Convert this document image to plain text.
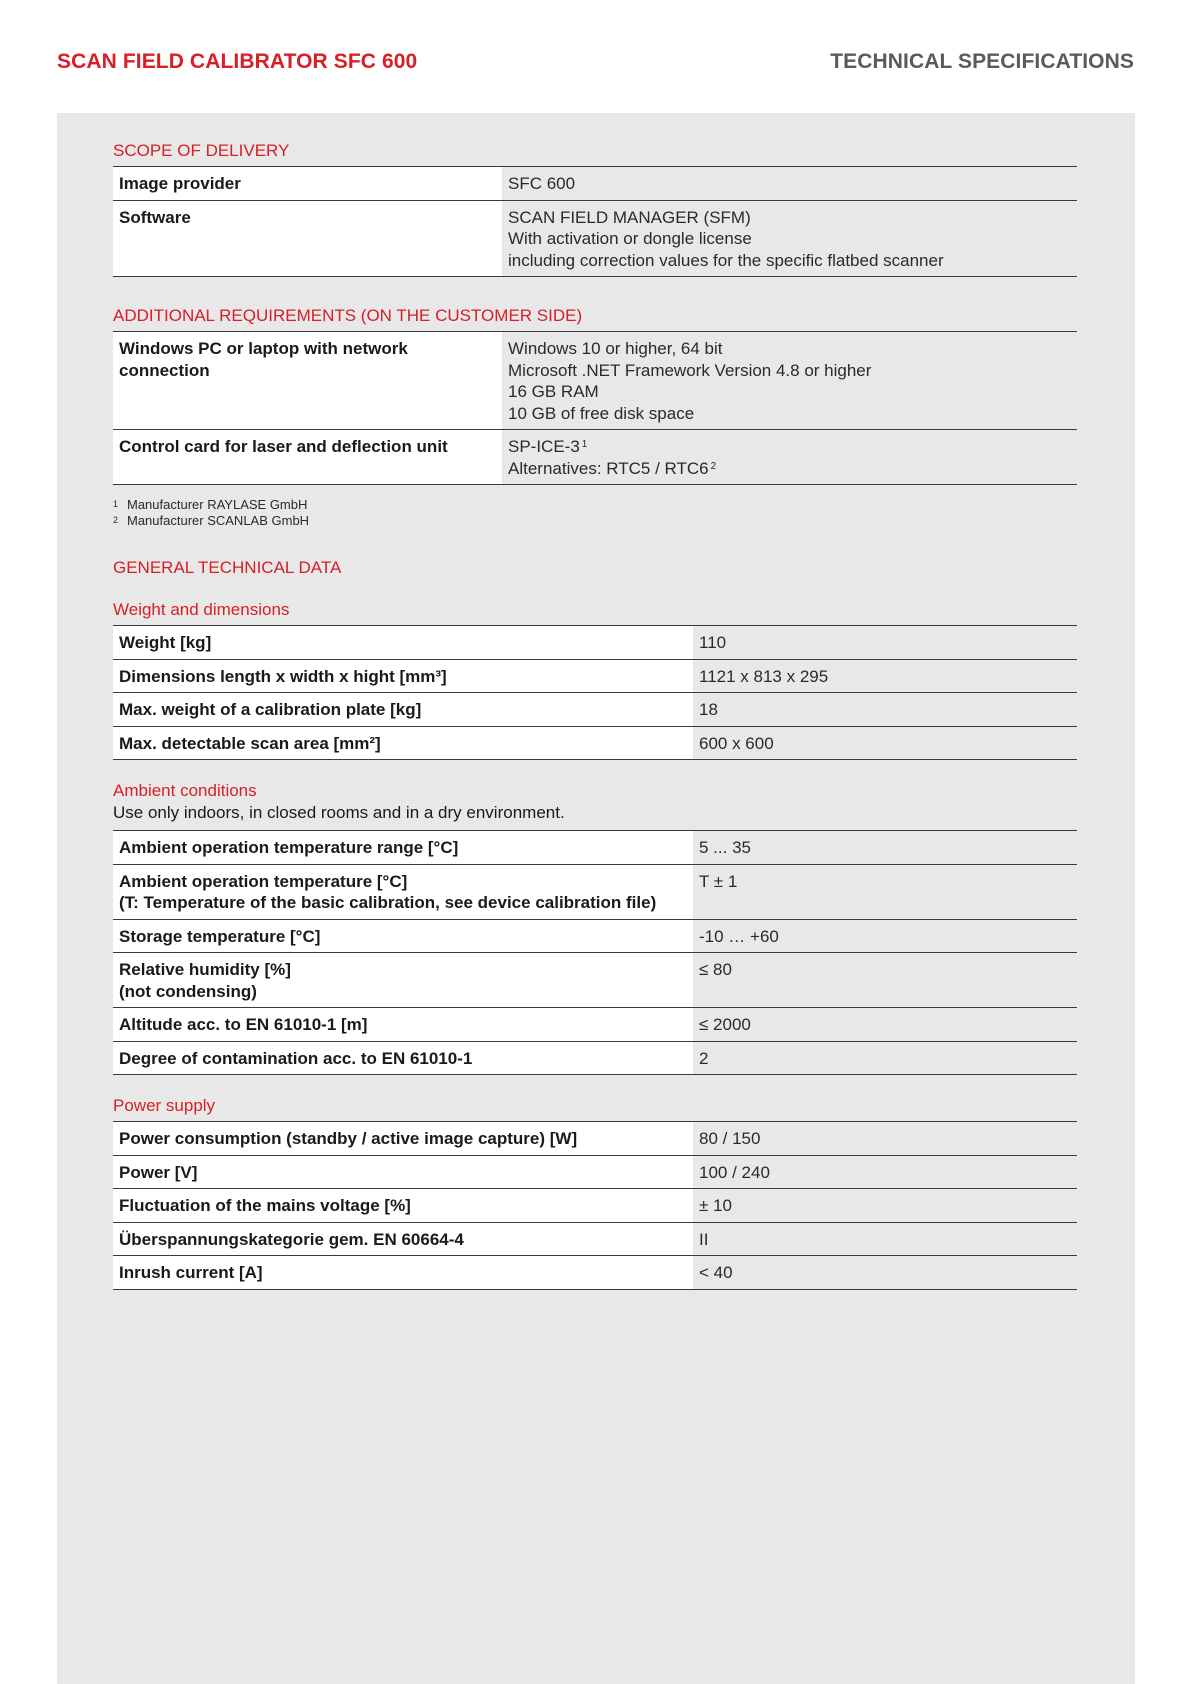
SCAN FIELD CALIBRATOR SFC 600	TECHNICAL SPECIFICATIONS

SCOPE OF DELIVERY

Image provider	SFC 600

Software	SCAN FIELD MANAGER (SFM)
With activation or dongle license
including correction values for the specific flatbed scanner

ADDITIONAL REQUIREMENTS (ON THE CUSTOMER SIDE)

Windows PC or laptop with network
connection	Windows 10 or higher, 64 bit
Microsoft .NET Framework Version 4.8 or higher
16 GB RAM
10 GB of free disk space

Control card for laser and deflection unit	SP-ICE-3 $^1$
Alternatives: RTC5 / RTC6 $^2$
1 Manufacturer RAYLASE GmbH
2 Manufacturer SCANLAB GmbH

GENERAL TECHNICAL DATA

Weight and dimensions

Weight [kg]	110
Dimensions length x width x hight [mm³]	1121 x 813 x 295
Max. weight of a calibration plate [kg]	18
Max. detectable scan area [mm²]	600 x 600

Ambient conditions

Use only indoors, in closed rooms and in a dry environment.

Ambient operation temperature range [°C]	5 ... 35

Ambient operation temperature [°C]
(T: Temperature of the basic calibration, see device calibration file)	T ± 1

Storage temperature [°C]	-10 … +60

Relative humidity [%]
(not condensing)	≤ 80

Altitude acc. to EN 61010-1 [m]	≤ 2000

Degree of contamination acc. to EN 61010-1	2

Power supply

Power consumption (standby / active image capture) [W]	80 / 150
Power [V]	100 / 240
Fluctuation of the mains voltage [%]	± 10
Überspannungskategorie gem. EN 60664-4	II
Inrush current [A]	< 40
